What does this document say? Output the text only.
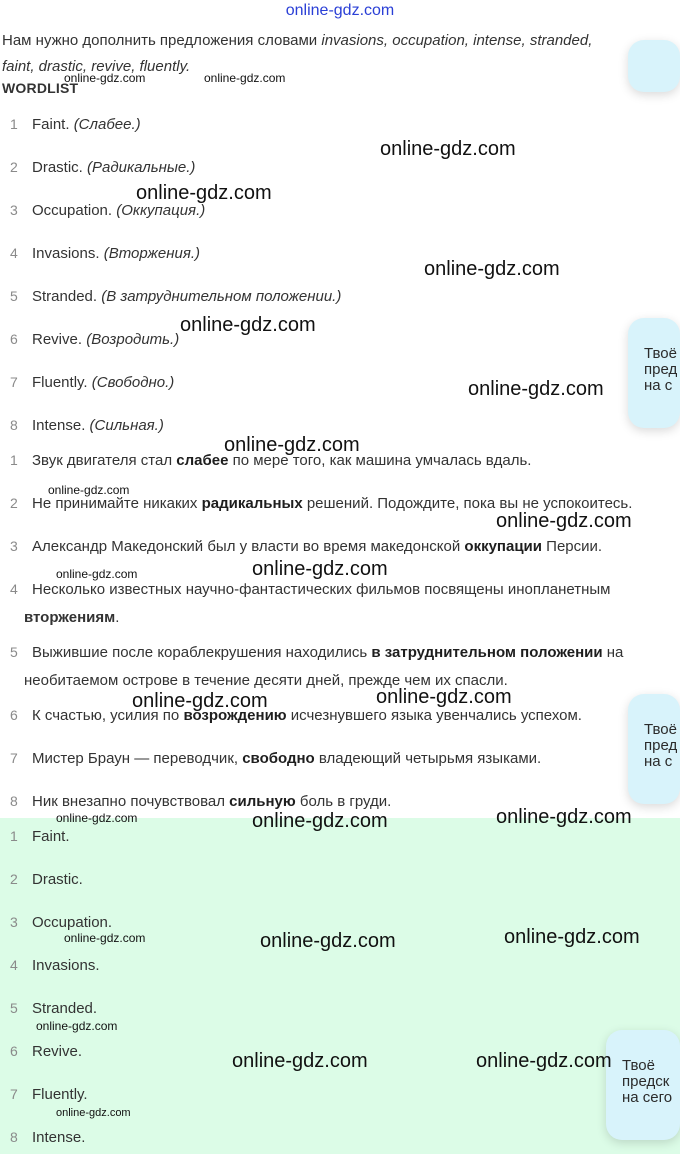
online-gdz.com
Нам нужно дополнить предложения словами invasions, occupation, intense, stranded,
faint, drastic, revive, fluently.
WORDLIST
1 Faint. (Слабее.)
2 Drastic. (Радикальные.)
3 Occupation. (Оккупация.)
4 Invasions. (Вторжения.)
5 Stranded. (В затруднительном положении.)
6 Revive. (Возродить.)
7 Fluently. (Свободно.)
8 Intense. (Сильная.)
1 Звук двигателя стал слабее по мере того, как машина умчалась вдаль.
2 Не принимайте никаких радикальных решений. Подождите, пока вы не успокоитесь.
3 Александр Македонский был у власти во время македонской оккупации Персии.
4 Несколько известных научно-фантастических фильмов посвящены инопланетным
вторжениям.
5 Выжившие после кораблекрушения находились в затруднительном положении на
необитаемом острове в течение десяти дней, прежде чем их спасли.
6 К счастью, усилия по возрождению исчезнувшего языка увенчались успехом.
7 Мистер Браун — переводчик, свободно владеющий четырьмя языками.
8 Ник внезапно почувствовал сильную боль в груди.
1 Faint.
2 Drastic.
3 Occupation.
4 Invasions.
5 Stranded.
6 Revive.
7 Fluently.
8 Intense.
Твоё
пред
на с
Твоё
пред
на с
Твоё
предск
на сего
online-gdz.com	online-gdz.com
online-gdz.com
online-gdz.com
online-gdz.com
online-gdz.com
online-gdz.com
online-gdz.com
online-gdz.com
online-gdz.com
online-gdz.com
online-gdz.com
online-gdz.com	online-gdz.com
online-gdz.com	online-gdz.com	online-gdz.com
online-gdz.com	online-gdz.com	online-gdz.com
online-gdz.com
online-gdz.com	online-gdz.com
online-gdz.com
